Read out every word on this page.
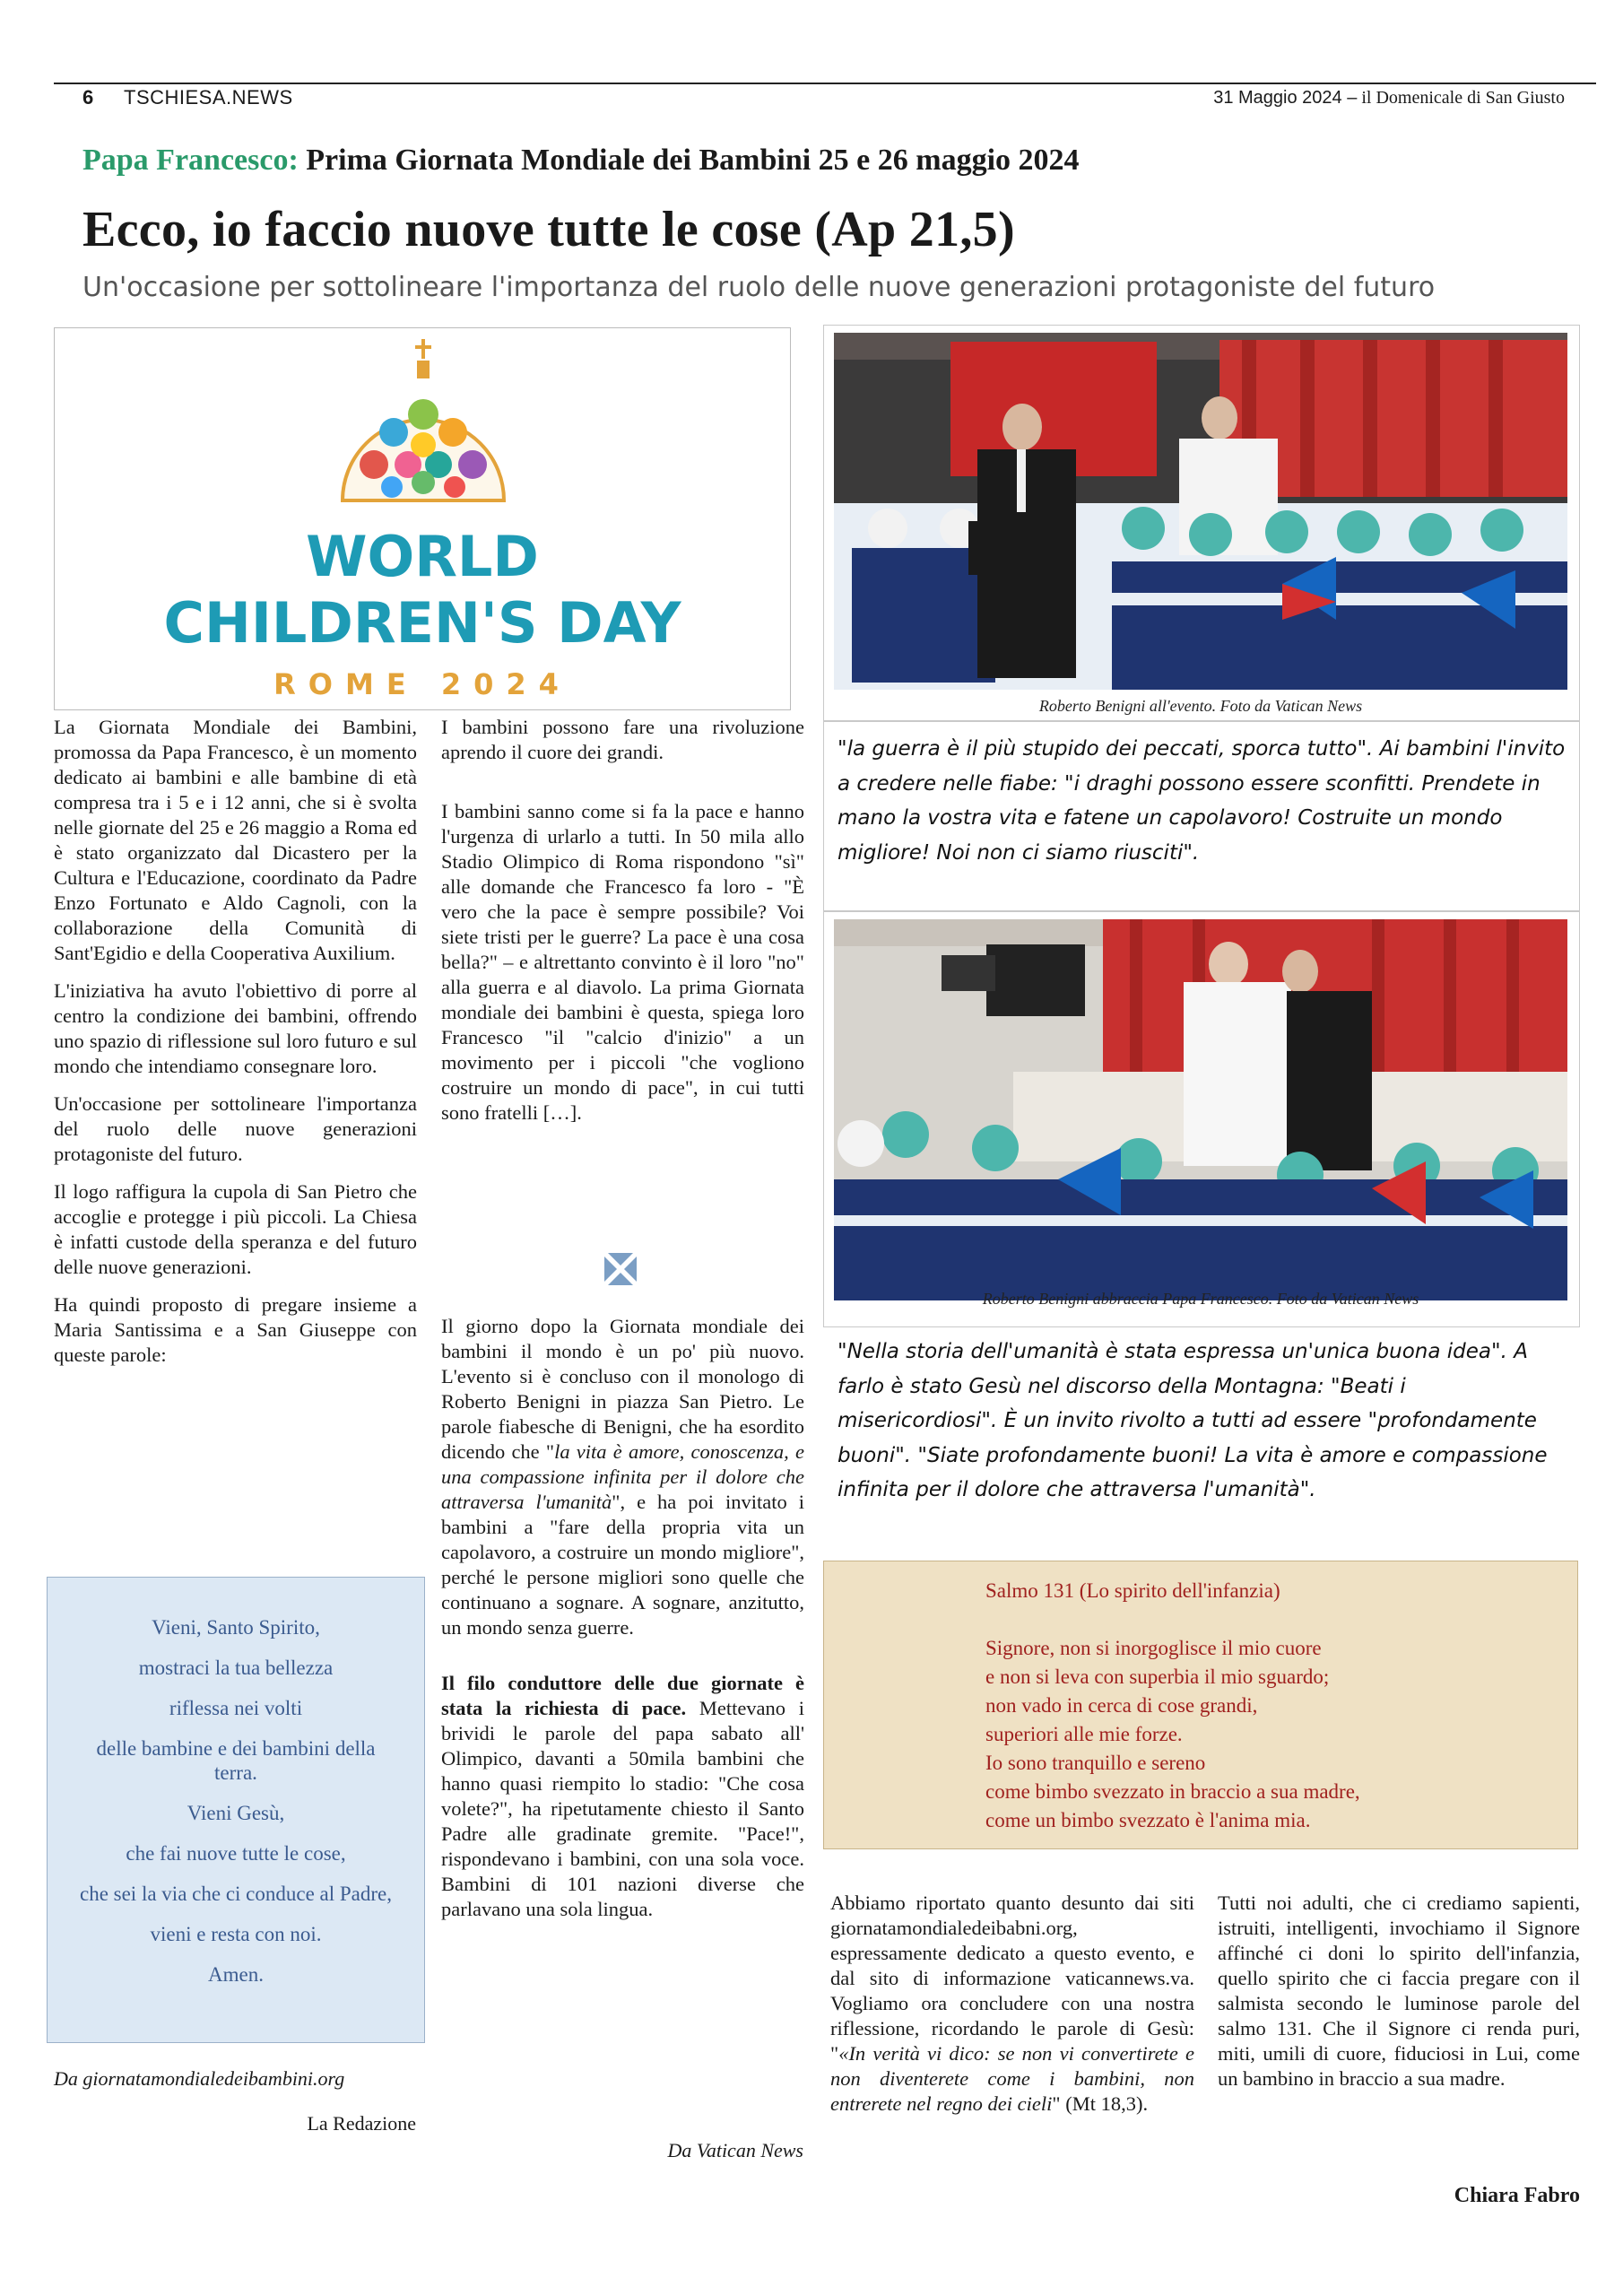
6 TSCHIESA.NEWS	31 Maggio 2024 – il Domenicale di San Giusto
Papa Francesco: Prima Giornata Mondiale dei Bambini 25 e 26 maggio 2024
Ecco, io faccio nuove tutte le cose (Ap 21,5)
Un'occasione per sottolineare l'importanza del ruolo delle nuove generazioni protagoniste del futuro
WORLD
CHILDREN'S DAY
ROME 2024

La Giornata Mondiale dei Bambini, promossa da Papa Francesco, è un momento dedicato ai bambini e alle bambine di età compresa tra i 5 e i 12 anni, che si è svolta nelle giornate del 25 e 26 maggio a Roma ed è stato organizzato dal Dicastero per la Cultura e l'Educazione, coordinato da Padre Enzo Fortunato e Aldo Cagnoli, con la collaborazione della Comunità di Sant'Egidio e della Cooperativa Auxilium.

L'iniziativa ha avuto l'obiettivo di porre al centro la condizione dei bambini, offrendo uno spazio di riflessione sul loro futuro e sul mondo che intendiamo consegnare loro.

Un'occasione per sottolineare l'importanza del ruolo delle nuove generazioni protagoniste del futuro.

Il logo raffigura la cupola di San Pietro che accoglie e protegge i più piccoli. La Chiesa è infatti custode della speranza e del futuro delle nuove generazioni.

Ha quindi proposto di pregare insieme a Maria Santissima e a San Giuseppe con queste parole:

Vieni, Santo Spirito,

mostraci la tua bellezza

riflessa nei volti

delle bambine e dei bambini della

terra.

Vieni Gesù,

che fai nuove tutte le cose,

che sei la via che ci conduce al Padre,

vieni e resta con noi.

Amen.

Da giornatamondialedeibambini.org
La Redazione

I bambini possono fare una rivoluzione aprendo il cuore dei grandi.

I bambini sanno come si fa la pace e hanno l'urgenza di urlarlo a tutti. In 50 mila allo Stadio Olimpico di Roma rispondono "sì" alle domande che Francesco fa loro - "È vero che la pace è sempre possibile? Voi siete tristi per le guerre? La pace è una cosa bella?" – e altrettanto convinto è il loro "no" alla guerra e al diavolo. La prima Giornata mondiale dei bambini è questa, spiega loro Francesco "il "calcio d'inizio" a un movimento per i piccoli "che vogliono costruire un mondo di pace", in cui tutti sono fratelli […].

Il giorno dopo la Giornata mondiale dei bambini il mondo è un po' più nuovo. L'evento si è concluso con il monologo di Roberto Benigni in piazza San Pietro. Le parole fiabesche di Benigni, che ha esordito dicendo che "la vita è amore, conoscenza, e una compassione infinita per il dolore che attraversa l'umanità", e ha poi invitato i bambini a "fare della propria vita un capolavoro, a costruire un mondo migliore", perché le persone migliori sono quelle che continuano a sognare. A sognare, anzitutto, un mondo senza guerre.

Il filo conduttore delle due giornate è stata la richiesta di pace. Mettevano i brividi le parole del papa sabato all' Olimpico, davanti a 50mila bambini che hanno quasi riempito lo stadio: "Che cosa volete?", ha ripetutamente chiesto il Santo Padre alle gradinate gremite. "Pace!", rispondevano i bambini, con una sola voce. Bambini di 101 nazioni diverse che parlavano una sola lingua.

Da Vatican News
Roberto Benigni all'evento. Foto da Vatican News
"la guerra è il più stupido dei peccati, sporca tutto". Ai bambini l'invito a credere nelle fiabe: "i draghi possono essere sconfitti. Prendete in mano la vostra vita e fatene un capolavoro! Costruite un mondo migliore! Noi non ci siamo riusciti".
Roberto Benigni abbraccia Papa Francesco. Foto da Vatican News
"Nella storia dell'umanità è stata espressa un'unica buona idea". A farlo è stato Gesù nel discorso della Montagna: "Beati i misericordiosi". È un invito rivolto a tutti ad essere "profondamente buoni". "Siate profondamente buoni! La vita è amore e compassione infinita per il dolore che attraversa l'umanità".

Salmo 131 (Lo spirito dell'infanzia)

Signore, non si inorgoglisce il mio cuore

e non si leva con superbia il mio sguardo;

non vado in cerca di cose grandi,

superiori alle mie forze.

Io sono tranquillo e sereno

come bimbo svezzato in braccio a sua madre,

come un bimbo svezzato è l'anima mia.

Abbiamo riportato quanto desunto dai siti giornatamondialedeibabni.org, espressamente dedicato a questo evento, e dal sito di informazione vaticannews.va. Vogliamo ora concludere con una nostra riflessione, ricordando le parole di Gesù: "«In verità vi dico: se non vi convertirete e non diventerete come i bambini, non entrerete nel regno dei cieli" (Mt 18,3).

Tutti noi adulti, che ci crediamo sapienti, istruiti, intelligenti, invochiamo il Signore affinché ci doni lo spirito dell'infanzia, quello spirito che ci faccia pregare con il salmista secondo le luminose parole del salmo 131. Che il Signore ci renda puri, miti, umili di cuore, fiduciosi in Lui, come un bambino in braccio a sua madre.

Chiara Fabro
